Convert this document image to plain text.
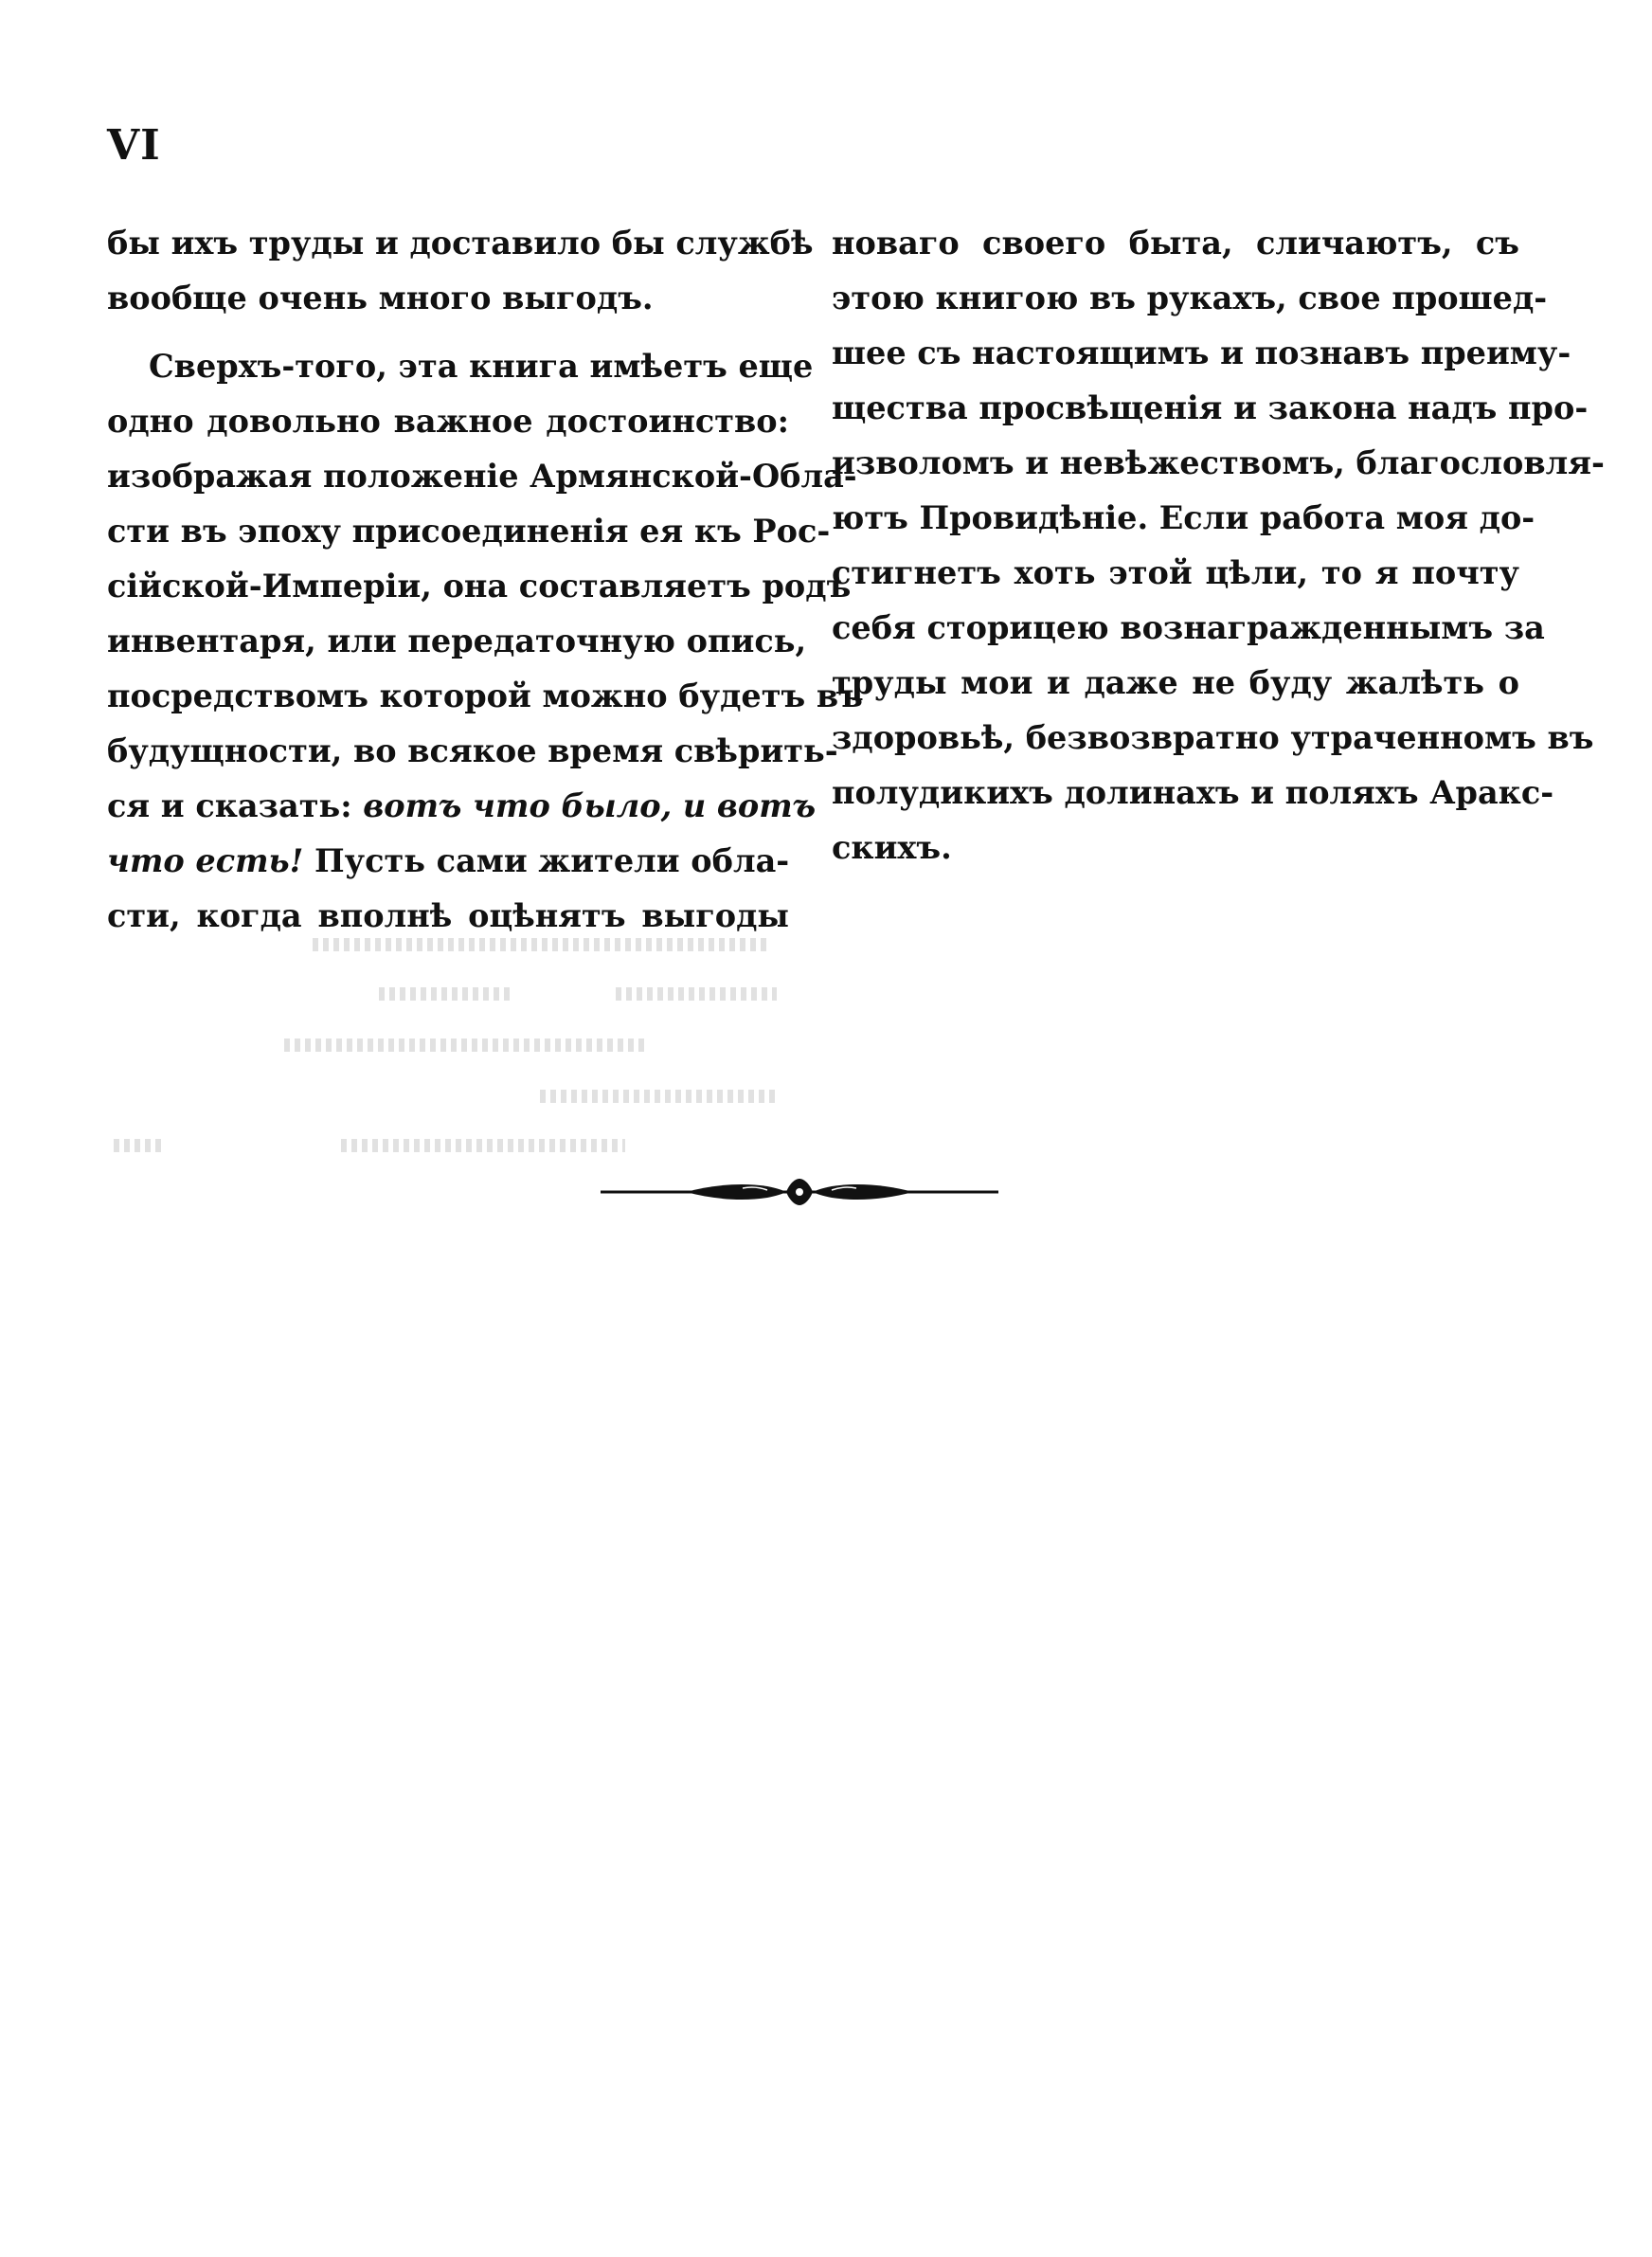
VI
бы ихъ труды и доставило бы службѣ
вообще очень много выгодъ.
Сверхъ-того, эта книга имѣетъ еще
одно довольно важное достоинство:
изображая положеніе Армянской-Обла-
сти въ эпоху присоединенія ея къ Рос-
сійской-Имперіи, она составляетъ родъ
инвентаря, или передаточную опись,
посредствомъ которой можно будетъ въ
будущности, во всякое время свѣрить-
ся и сказать: вотъ что было, и вотъ
что есть! Пусть сами жители обла-
сти, когда вполнѣ оцѣнятъ выгоды
новаго своего быта, сличаютъ, съ
этою книгою въ рукахъ, свое прошед-
шее съ настоящимъ и познавъ преиму-
щества просвѣщенія и закона надъ про-
изволомъ и невѣжествомъ, благословля-
ютъ Провидѣніе. Если работа моя до-
стигнетъ хоть этой цѣли, то я почту
себя сторицею вознагражденнымъ за
труды мои и даже не буду жалѣть о
здоровьѣ, безвозвратно утраченномъ въ
полудикихъ долинахъ и поляхъ Аракс-
скихъ.
